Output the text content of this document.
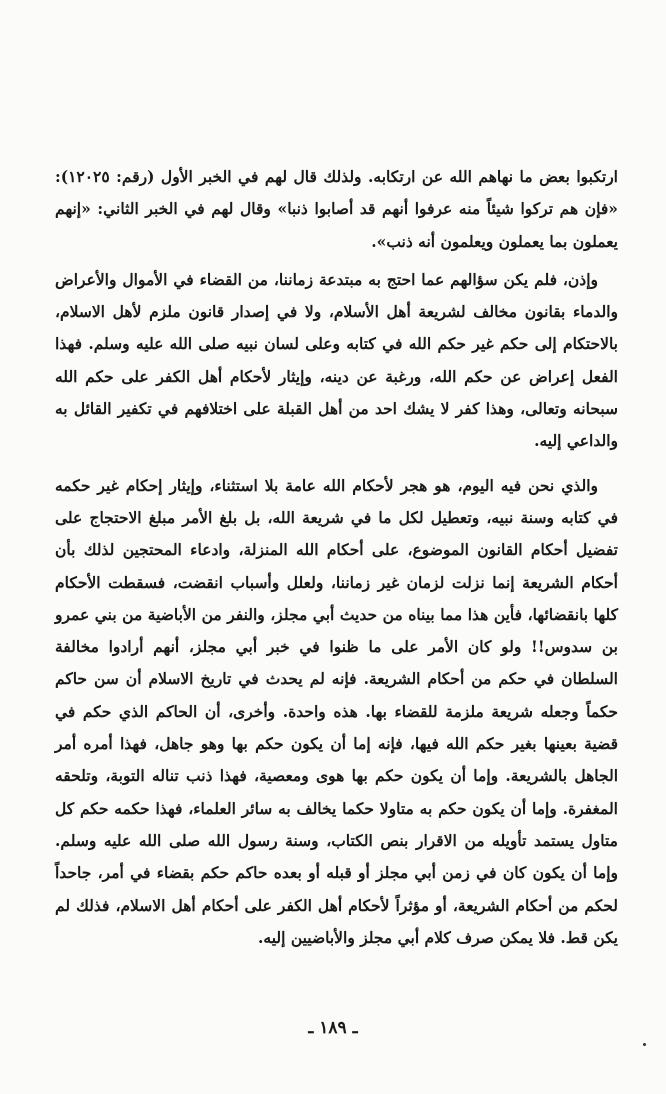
ارتكبوا بعض ما نهاهم الله عن ارتكابه. ولذلك قال لهم في الخبر الأول (رقم: ١٢٠٢٥): «فإن هم تركوا شيئاً منه عرفوا أنهم قد أصابوا ذنبا» وقال لهم في الخبر الثاني: «إنهم يعملون بما يعملون ويعلمون أنه ذنب».

وإذن، فلم يكن سؤالهم عما احتج به مبتدعة زماننا، من القضاء في الأموال والأعراض والدماء بقانون مخالف لشريعة أهل الأسلام، ولا في إصدار قانون ملزم لأهل الاسلام، بالاحتكام إلى حكم غير حكم الله في كتابه وعلى لسان نبيه صلى الله عليه وسلم. فهذا الفعل إعراض عن حكم الله، ورغبة عن دينه، وإيثار لأحكام أهل الكفر على حكم الله سبحانه وتعالى، وهذا كفر لا يشك احد من أهل القبلة على اختلافهم في تكفير القائل به والداعي إليه.

والذي نحن فيه اليوم، هو هجر لأحكام الله عامة بلا استثناء، وإيثار إحكام غير حكمه في كتابه وسنة نبيه، وتعطيل لكل ما في شريعة الله، بل بلغ الأمر مبلغ الاحتجاج على تفضيل أحكام القانون الموضوع، على أحكام الله المنزلة، وادعاء المحتجين لذلك بأن أحكام الشريعة إنما نزلت لزمان غير زماننا، ولعلل وأسباب انقضت، فسقطت الأحكام كلها بانقضائها، فأين هذا مما بيناه من حديث أبي مجلز، والنفر من الأباضية من بني عمرو بن سدوس!! ولو كان الأمر على ما ظنوا في خبر أبي مجلز، أنهم أرادوا مخالفة السلطان في حكم من أحكام الشريعة. فإنه لم يحدث في تاريخ الاسلام أن سن حاكم حكماً وجعله شريعة ملزمة للقضاء بها. هذه واحدة. وأخرى، أن الحاكم الذي حكم في قضية بعينها بغير حكم الله فيها، فإنه إما أن يكون حكم بها وهو جاهل، فهذا أمره أمر الجاهل بالشريعة. وإما أن يكون حكم بها هوى ومعصية، فهذا ذنب تناله التوبة، وتلحقه المغفرة. وإما أن يكون حكم به متاولا حكما يخالف به سائر العلماء، فهذا حكمه حكم كل متاول يستمد تأويله من الاقرار بنص الكتاب، وسنة رسول الله صلى الله عليه وسلم. وإما أن يكون كان في زمن أبي مجلز أو قبله أو بعده حاكم حكم بقضاء في أمر، جاحداً لحكم من أحكام الشريعة، أو مؤثراً لأحكام أهل الكفر على أحكام أهل الاسلام، فذلك لم يكن قط. فلا يمكن صرف كلام أبي مجلز والأباضيين إليه.

ـ ١٨٩ ـ
